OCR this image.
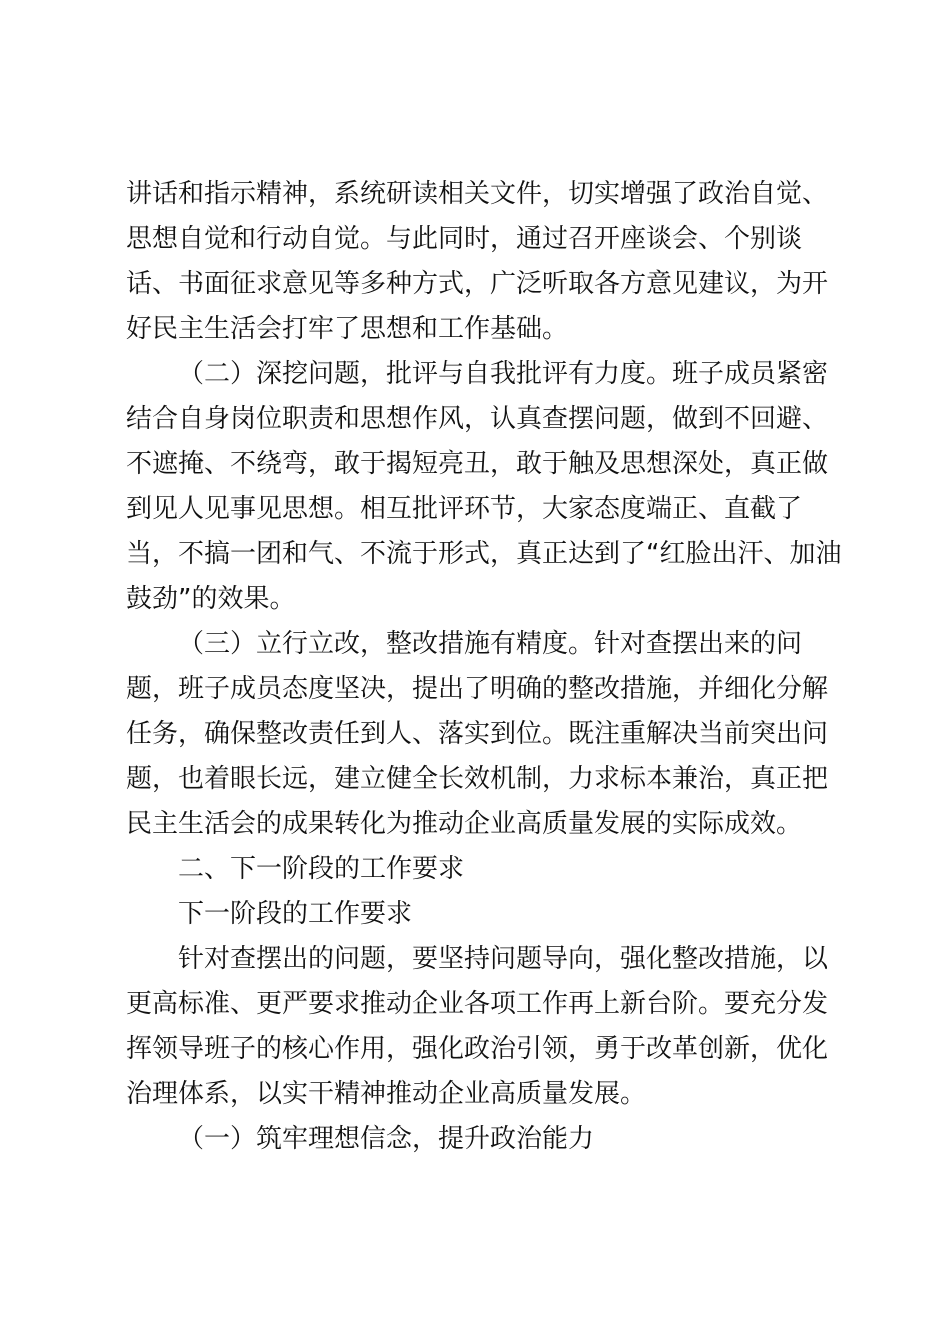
讲话和指示精神，系统研读相关文件，切实增强了政治自觉、
思想自觉和行动自觉。与此同时，通过召开座谈会、个别谈
话、书面征求意见等多种方式，广泛听取各方意见建议，为开
好民主生活会打牢了思想和工作基础。
（二）深挖问题，批评与自我批评有力度。班子成员紧密
结合自身岗位职责和思想作风，认真查摆问题，做到不回避、
不遮掩、不绕弯，敢于揭短亮丑，敢于触及思想深处，真正做
到见人见事见思想。相互批评环节，大家态度端正、直截了
当，不搞一团和气、不流于形式，真正达到了“红脸出汗、加油
鼓劲”的效果。
（三）立行立改，整改措施有精度。针对查摆出来的问
题，班子成员态度坚决，提出了明确的整改措施，并细化分解
任务，确保整改责任到人、落实到位。既注重解决当前突出问
题，也着眼长远，建立健全长效机制，力求标本兼治，真正把
民主生活会的成果转化为推动企业高质量发展的实际成效。
二、下一阶段的工作要求
下一阶段的工作要求
针对查摆出的问题，要坚持问题导向，强化整改措施，以
更高标准、更严要求推动企业各项工作再上新台阶。要充分发
挥领导班子的核心作用，强化政治引领，勇于改革创新，优化
治理体系，以实干精神推动企业高质量发展。
（一）筑牢理想信念，提升政治能力
